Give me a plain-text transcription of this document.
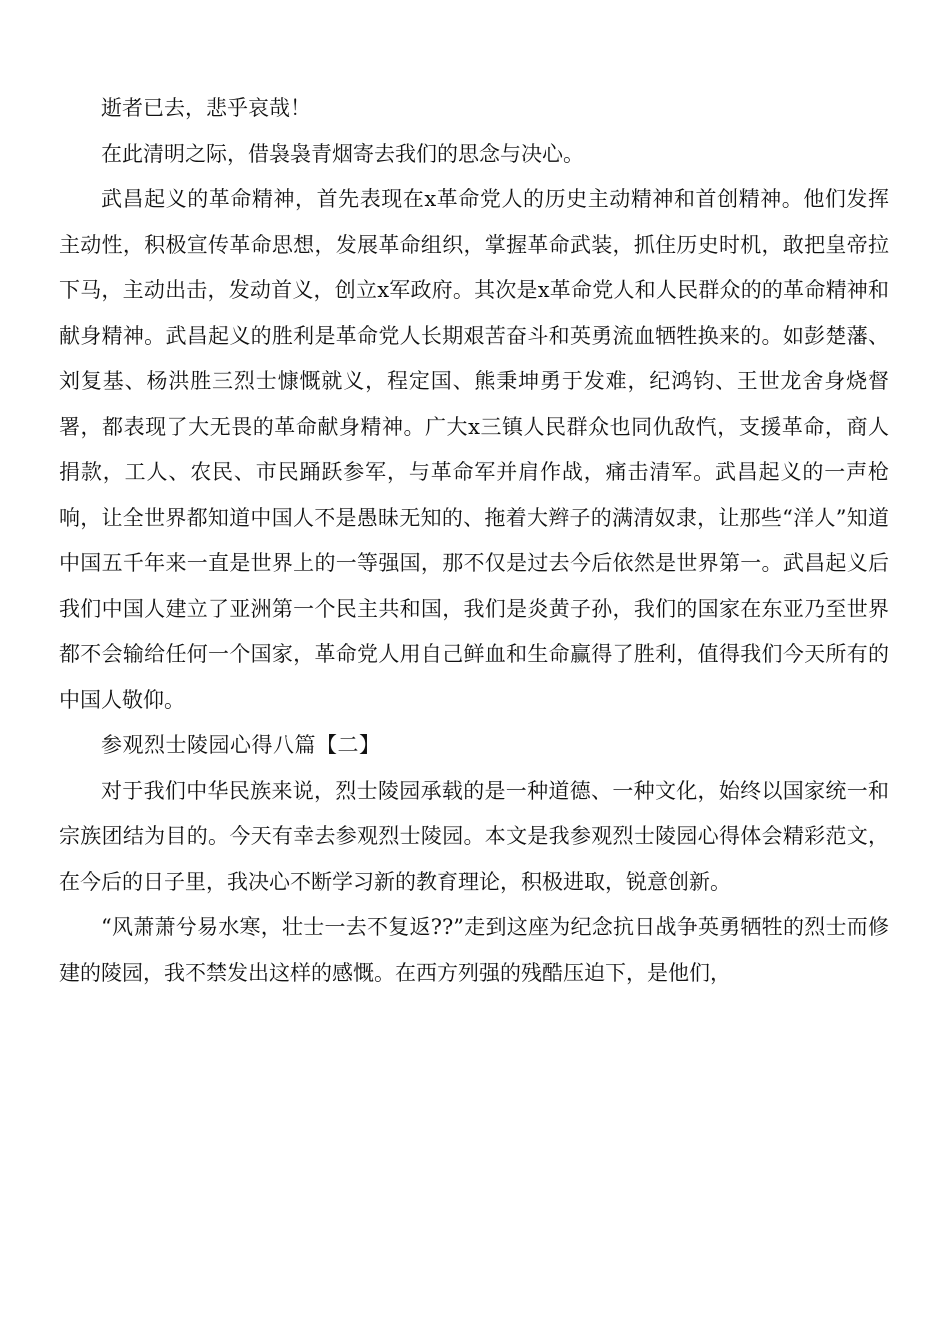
逝者已去，悲乎哀哉！

在此清明之际，借袅袅青烟寄去我们的思念与决心。

武昌起义的革命精神，首先表现在x革命党人的历史主动精神和首创精神。他们发挥主动性，积极宣传革命思想，发展革命组织，掌握革命武装，抓住历史时机，敢把皇帝拉下马，主动出击，发动首义，创立x军政府。其次是x革命党人和人民群众的的革命精神和献身精神。武昌起义的胜利是革命党人长期艰苦奋斗和英勇流血牺牲换来的。如彭楚藩、刘复基、杨洪胜三烈士慷慨就义，程定国、熊秉坤勇于发难，纪鸿钧、王世龙舍身烧督署，都表现了大无畏的革命献身精神。广大x三镇人民群众也同仇敌忾，支援革命，商人捐款，工人、农民、市民踊跃参军，与革命军并肩作战，痛击清军。武昌起义的一声枪响，让全世界都知道中国人不是愚昧无知的、拖着大辫子的满清奴隶，让那些“洋人”知道中国五千年来一直是世界上的一等强国，那不仅是过去今后依然是世界第一。武昌起义后我们中国人建立了亚洲第一个民主共和国，我们是炎黄子孙，我们的国家在东亚乃至世界都不会输给任何一个国家，革命党人用自己鲜血和生命赢得了胜利，值得我们今天所有的中国人敬仰。

参观烈士陵园心得八篇【二】

对于我们中华民族来说，烈士陵园承载的是一种道德、一种文化，始终以国家统一和宗族团结为目的。今天有幸去参观烈士陵园。本文是我参观烈士陵园心得体会精彩范文，在今后的日子里，我决心不断学习新的教育理论，积极进取，锐意创新。

“风萧萧兮易水寒，壮士一去不复返??”走到这座为纪念抗日战争英勇牺牲的烈士而修建的陵园，我不禁发出这样的感慨。在西方列强的残酷压迫下，是他们，
